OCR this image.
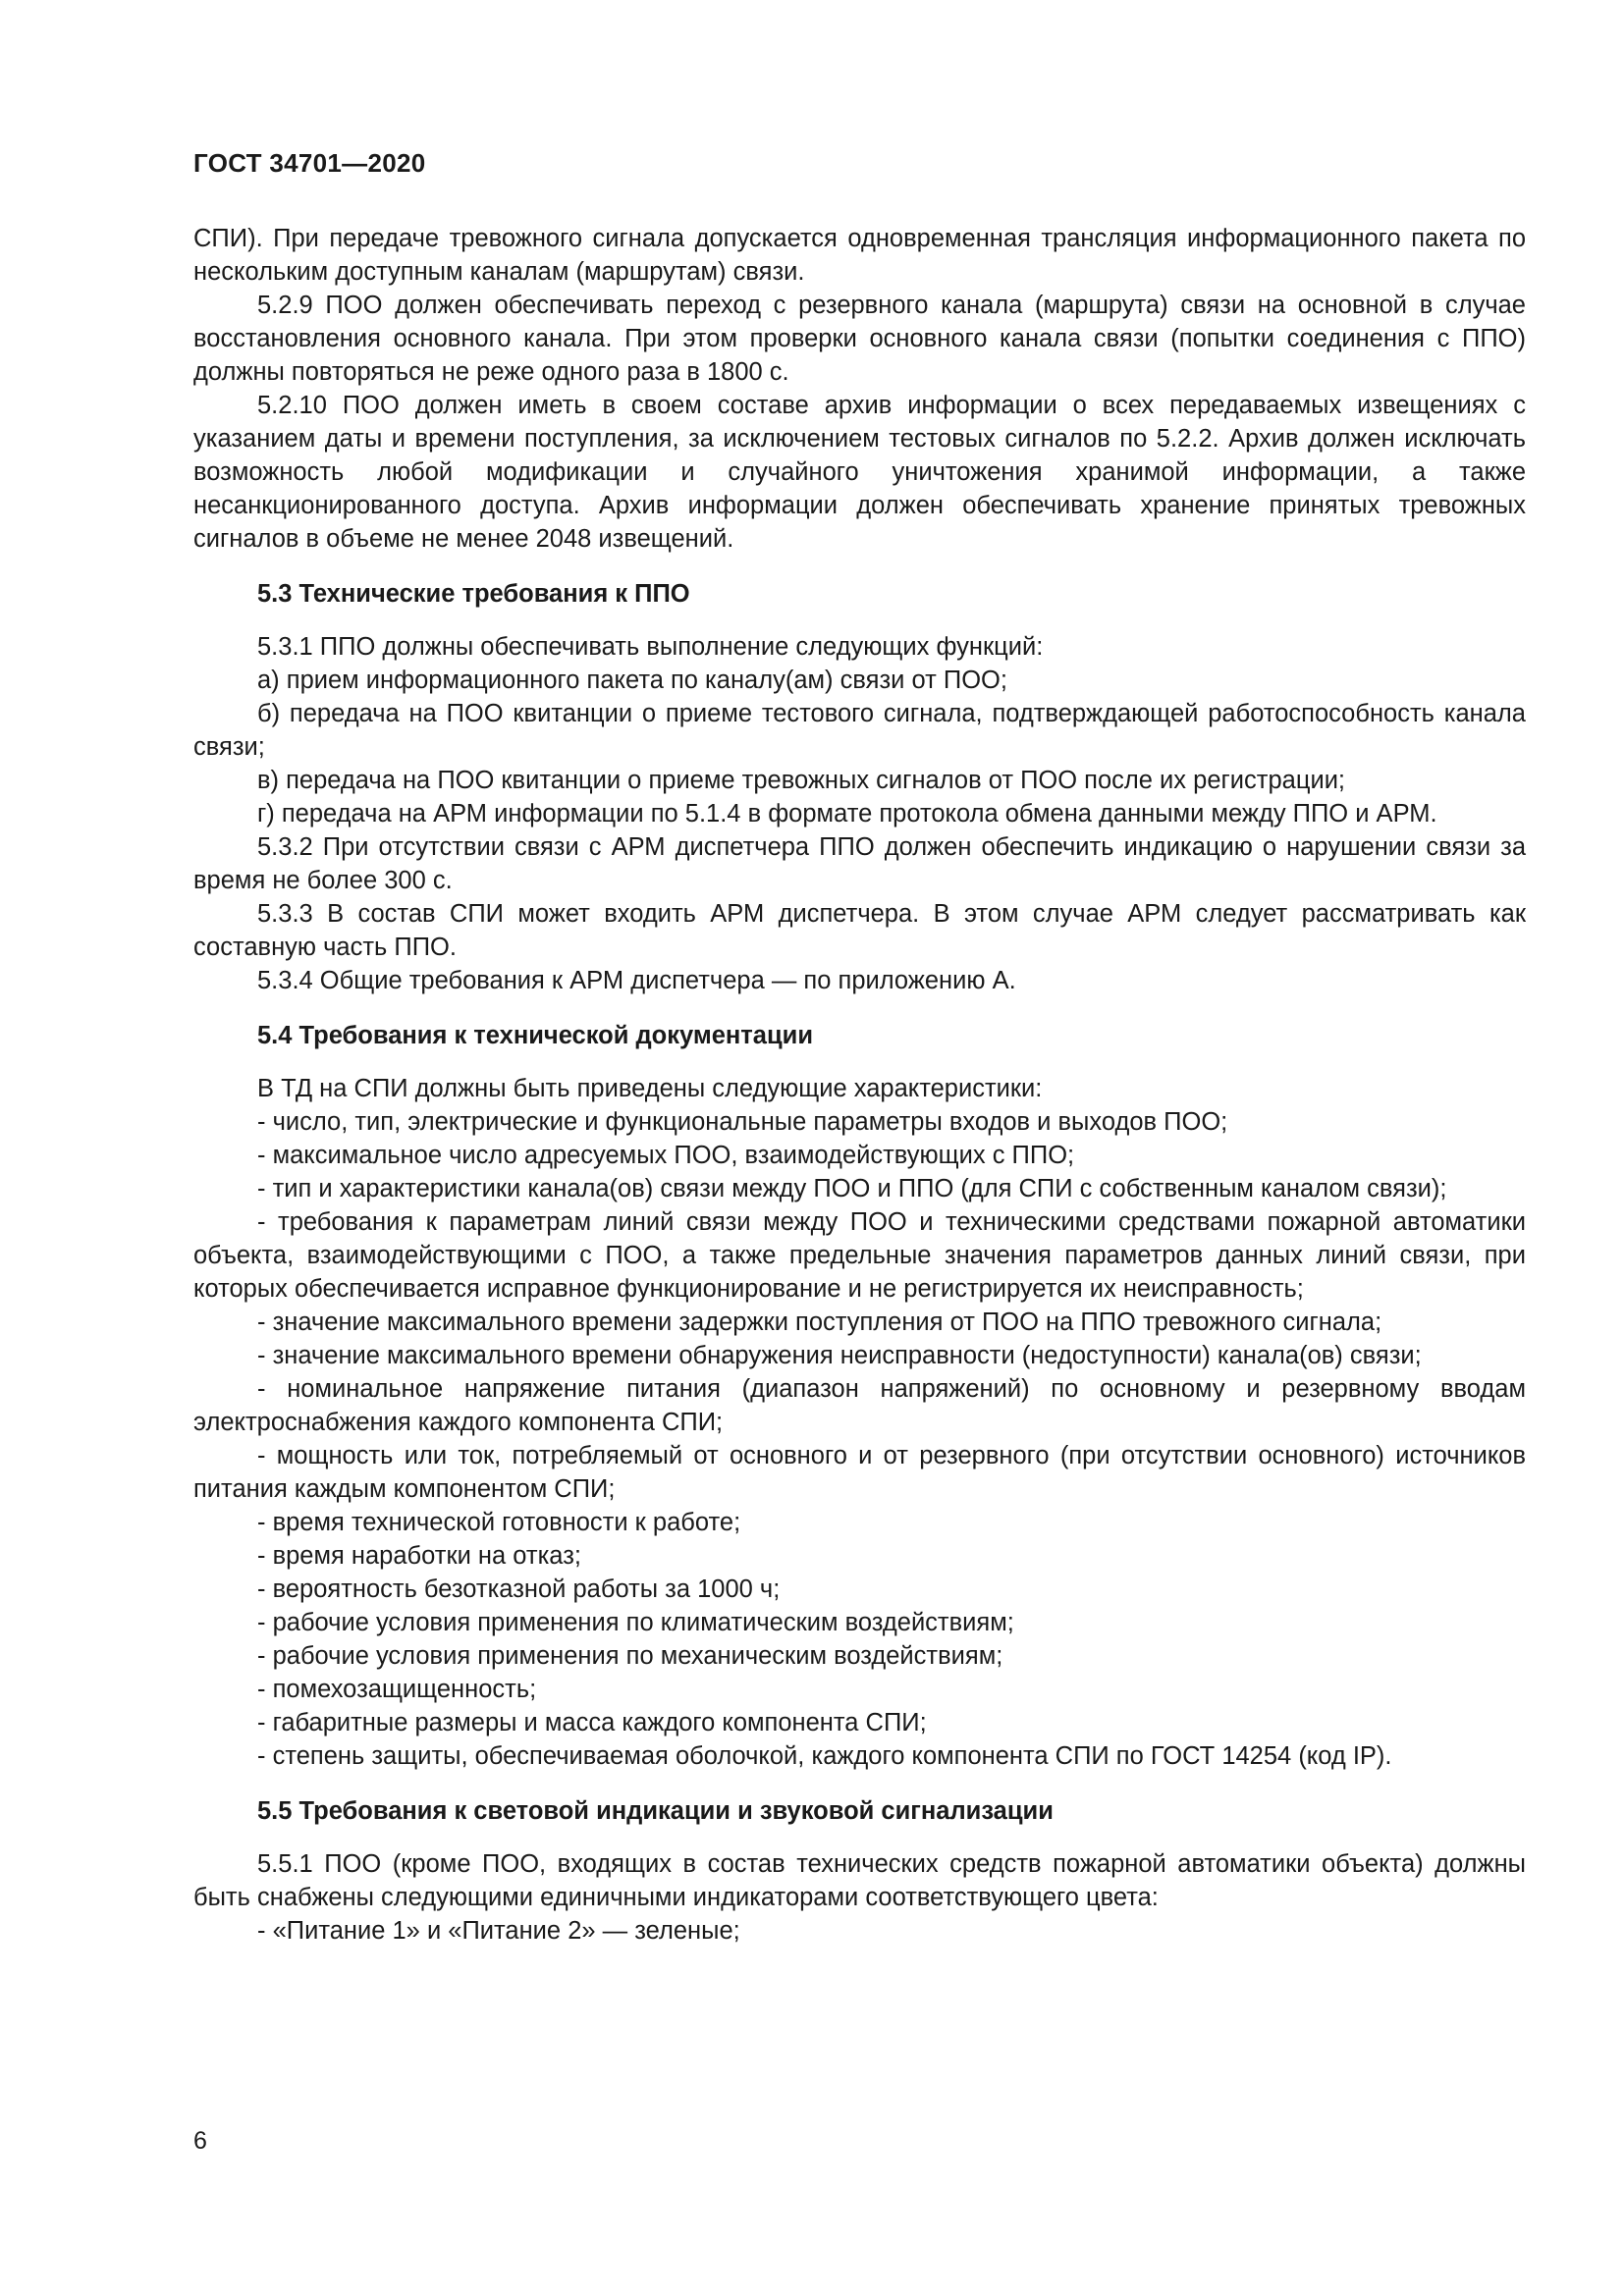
ГОСТ 34701—2020

СПИ). При передаче тревожного сигнала допускается одновременная трансляция информационного пакета по нескольким доступным каналам (маршрутам) связи.

5.2.9 ПОО должен обеспечивать переход с резервного канала (маршрута) связи на основной в случае восстановления основного канала. При этом проверки основного канала связи (попытки соединения с ППО) должны повторяться не реже одного раза в 1800 с.

5.2.10 ПОО должен иметь в своем составе архив информации о всех передаваемых извещениях с указанием даты и времени поступления, за исключением тестовых сигналов по 5.2.2. Архив должен исключать возможность любой модификации и случайного уничтожения хранимой информации, а также несанкционированного доступа. Архив информации должен обеспечивать хранение принятых тревожных сигналов в объеме не менее 2048 извещений.

5.3 Технические требования к ППО

5.3.1 ППО должны обеспечивать выполнение следующих функций:

а) прием информационного пакета по каналу(ам) связи от ПОО;
б) передача на ПОО квитанции о приеме тестового сигнала, подтверждающей работоспособность канала связи;
в) передача на ПОО квитанции о приеме тревожных сигналов от ПОО после их регистрации;
г) передача на АРМ информации по 5.1.4 в формате протокола обмена данными между ППО и АРМ.

5.3.2 При отсутствии связи с АРМ диспетчера ППО должен обеспечить индикацию о нарушении связи за время не более 300 с.

5.3.3 В состав СПИ может входить АРМ диспетчера. В этом случае АРМ следует рассматривать как составную часть ППО.

5.3.4 Общие требования к АРМ диспетчера — по приложению А.

5.4 Требования к технической документации

В ТД на СПИ должны быть приведены следующие характеристики:

- число, тип, электрические и функциональные параметры входов и выходов ПОО;
- максимальное число адресуемых ПОО, взаимодействующих с ППО;
- тип и характеристики канала(ов) связи между ПОО и ППО (для СПИ с собственным каналом связи);
- требования к параметрам линий связи между ПОО и техническими средствами пожарной автоматики объекта, взаимодействующими с ПОО, а также предельные значения параметров данных линий связи, при которых обеспечивается исправное функционирование и не регистрируется их неисправность;
- значение максимального времени задержки поступления от ПОО на ППО тревожного сигнала;
- значение максимального времени обнаружения неисправности (недоступности) канала(ов) связи;
- номинальное напряжение питания (диапазон напряжений) по основному и резервному вводам электроснабжения каждого компонента СПИ;
- мощность или ток, потребляемый от основного и от резервного (при отсутствии основного) источников питания каждым компонентом СПИ;
- время технической готовности к работе;
- время наработки на отказ;
- вероятность безотказной работы за 1000 ч;
- рабочие условия применения по климатическим воздействиям;
- рабочие условия применения по механическим воздействиям;
- помехозащищенность;
- габаритные размеры и масса каждого компонента СПИ;
- степень защиты, обеспечиваемая оболочкой, каждого компонента СПИ по ГОСТ 14254 (код IP).
5.5 Требования к световой индикации и звуковой сигнализации

5.5.1 ПОО (кроме ПОО, входящих в состав технических средств пожарной автоматики объекта) должны быть снабжены следующими единичными индикаторами соответствующего цвета:

- «Питание 1» и «Питание 2» — зеленые;
6
